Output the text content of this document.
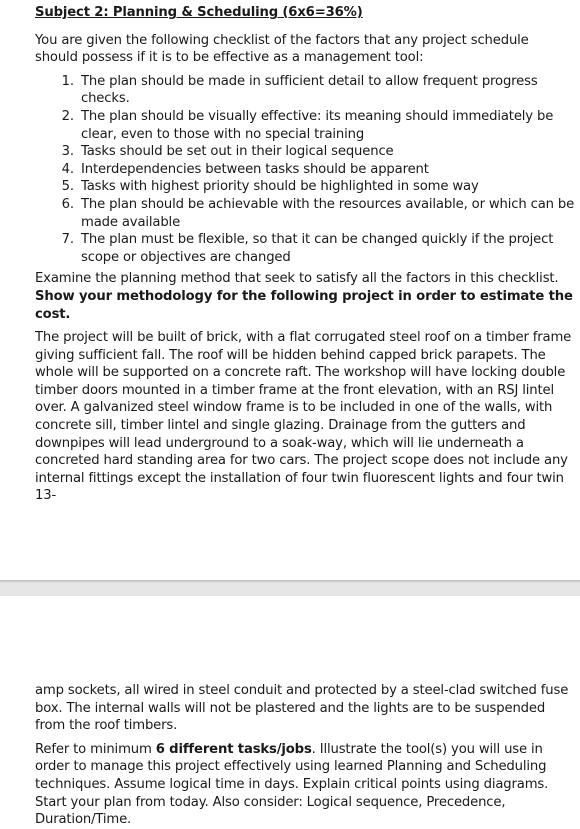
Subject 2: Planning & Scheduling (6x6=36%)

You are given the following checklist of the factors that any project schedule should possess if it is to be effective as a management tool:

1. The plan should be made in sufficient detail to allow frequent progress checks.
2. The plan should be visually effective: its meaning should immediately be clear, even to those with no special training
3. Tasks should be set out in their logical sequence
4. Interdependencies between tasks should be apparent
5. Tasks with highest priority should be highlighted in some way
6. The plan should be achievable with the resources available, or which can be made available
7. The plan must be flexible, so that it can be changed quickly if the project scope or objectives are changed

Examine the planning method that seek to satisfy all the factors in this checklist.

Show your methodology for the following project in order to estimate the cost.

The project will be built of brick, with a flat corrugated steel roof on a timber frame giving sufficient fall. The roof will be hidden behind capped brick parapets. The whole will be supported on a concrete raft. The workshop will have locking double timber doors mounted in a timber frame at the front elevation, with an RSJ lintel over. A galvanized steel window frame is to be included in one of the walls, with concrete sill, timber lintel and single glazing. Drainage from the gutters and downpipes will lead underground to a soak-way, which will lie underneath a concreted hard standing area for two cars. The project scope does not include any internal fittings except the installation of four twin fluorescent lights and four twin 13-

amp sockets, all wired in steel conduit and protected by a steel-clad switched fuse box. The internal walls will not be plastered and the lights are to be suspended from the roof timbers.

Refer to minimum 6 different tasks/jobs. Illustrate the tool(s) you will use in order to manage this project effectively using learned Planning and Scheduling techniques. Assume logical time in days. Explain critical points using diagrams. Start your plan from today. Also consider: Logical sequence, Precedence, Duration/Time.
